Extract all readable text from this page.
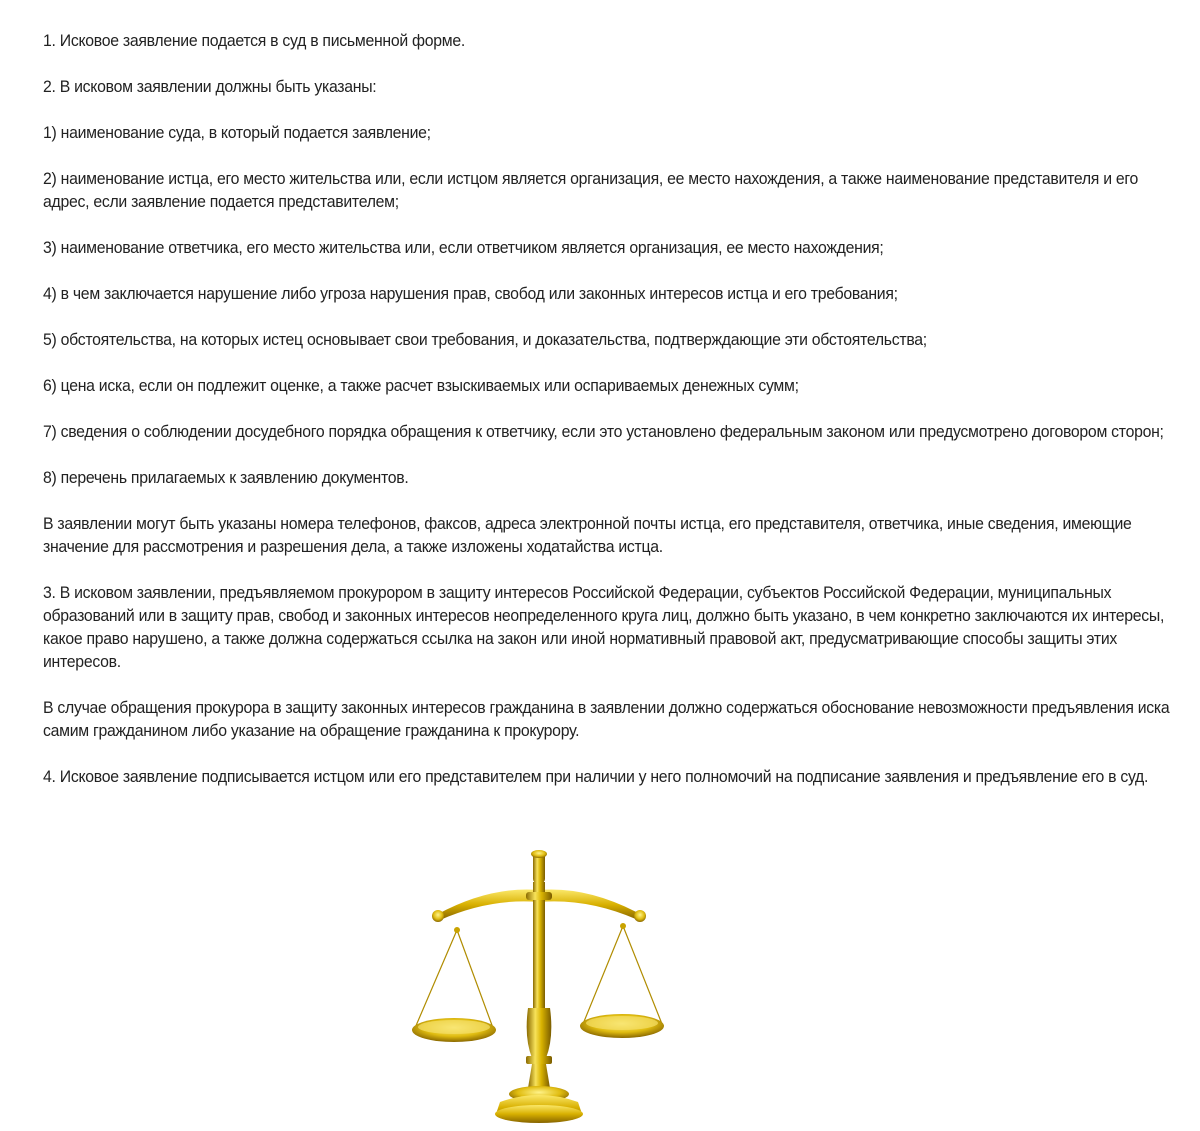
1. Исковое заявление подается в суд в письменной форме.

2. В исковом заявлении должны быть указаны:

1) наименование суда, в который подается заявление;

2) наименование истца, его место жительства или, если истцом является организация, ее место нахождения, а также наименование представителя и его адрес, если заявление подается представителем;

3) наименование ответчика, его место жительства или, если ответчиком является организация, ее место нахождения;

4) в чем заключается нарушение либо угроза нарушения прав, свобод или законных интересов истца и его требования;

5) обстоятельства, на которых истец основывает свои требования, и доказательства, подтверждающие эти обстоятельства;

6) цена иска, если он подлежит оценке, а также расчет взыскиваемых или оспариваемых денежных сумм;

7) сведения о соблюдении досудебного порядка обращения к ответчику, если это установлено федеральным законом или предусмотрено договором сторон;

8) перечень прилагаемых к заявлению документов.

В заявлении могут быть указаны номера телефонов, факсов, адреса электронной почты истца, его представителя, ответчика, иные сведения, имеющие значение для рассмотрения и разрешения дела, а также изложены ходатайства истца.

3. В исковом заявлении, предъявляемом прокурором в защиту интересов Российской Федерации, субъектов Российской Федерации, муниципальных образований или в защиту прав, свобод и законных интересов неопределенного круга лиц, должно быть указано, в чем конкретно заключаются их интересы, какое право нарушено, а также должна содержаться ссылка на закон или иной нормативный правовой акт, предусматривающие способы защиты этих интересов.

В случае обращения прокурора в защиту законных интересов гражданина в заявлении должно содержаться обоснование невозможности предъявления иска самим гражданином либо указание на обращение гражданина к прокурору.

4. Исковое заявление подписывается истцом или его представителем при наличии у него полномочий на подписание заявления и предъявление его в суд.
